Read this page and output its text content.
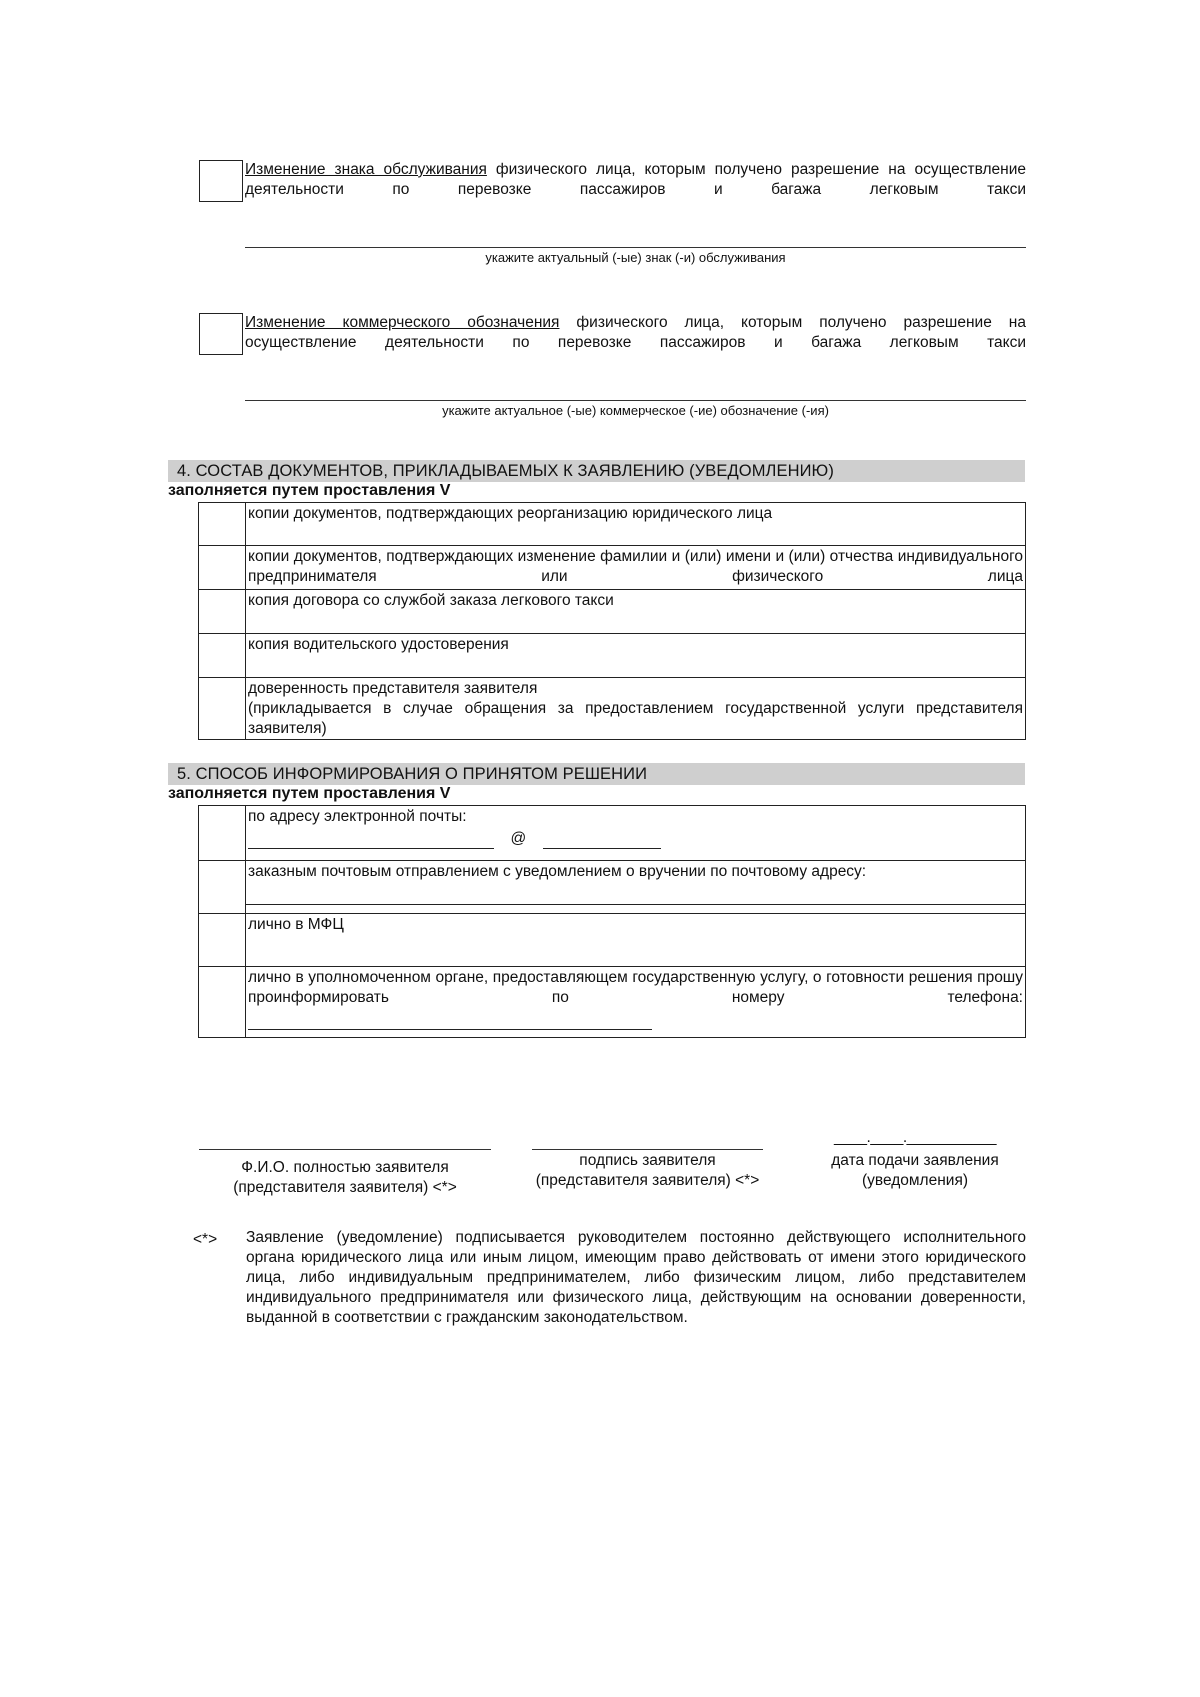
Изменение знака обслуживания физического лица, которым получено разрешение на осуществление деятельности по перевозке пассажиров и багажа легковым такси
укажите актуальный (-ые) знак (-и) обслуживания
Изменение коммерческого обозначения физического лица, которым получено разрешение на осуществление деятельности по перевозке пассажиров и багажа легковым такси
укажите актуальное (-ые) коммерческое (-ие) обозначение (-ия)
4. СОСТАВ ДОКУМЕНТОВ, ПРИКЛАДЫВАЕМЫХ К ЗАЯВЛЕНИЮ (УВЕДОМЛЕНИЮ)
заполняется путем проставления V
	копии документов, подтверждающих реорганизацию юридического лица
	копии документов, подтверждающих изменение фамилии и (или) имени и (или) отчества индивидуального предпринимателя или физического лица
	копия договора со службой заказа легкового такси
	копия водительского удостоверения

	доверенность представителя заявителя
(прикладывается в случае обращения за предоставлением государственной услуги представителя заявителя)
5. СПОСОБ ИНФОРМИРОВАНИЯ О ПРИНЯТОМ РЕШЕНИИ
заполняется путем проставления V

	по адресу электронной почты:
@

	заказным почтовым отправлением с уведомлением о вручении по почтовому адресу:

	лично в МФЦ

	лично в уполномоченном органе, предоставляющем государственную услугу, о готовности решения прошу проинформировать по номеру телефона:
____.____.___________
Ф.И.О. полностью заявителя
(представителя заявителя) <*>
подпись заявителя
(представителя заявителя) <*>
дата подачи заявления
(уведомления)
<*> Заявление (уведомление) подписывается руководителем постоянно действующего исполнительного органа юридического лица или иным лицом, имеющим право действовать от имени этого юридического лица, либо индивидуальным предпринимателем, либо физическим лицом, либо представителем индивидуального предпринимателя или физического лица, действующим на основании доверенности, выданной в соответствии с гражданским законодательством.
